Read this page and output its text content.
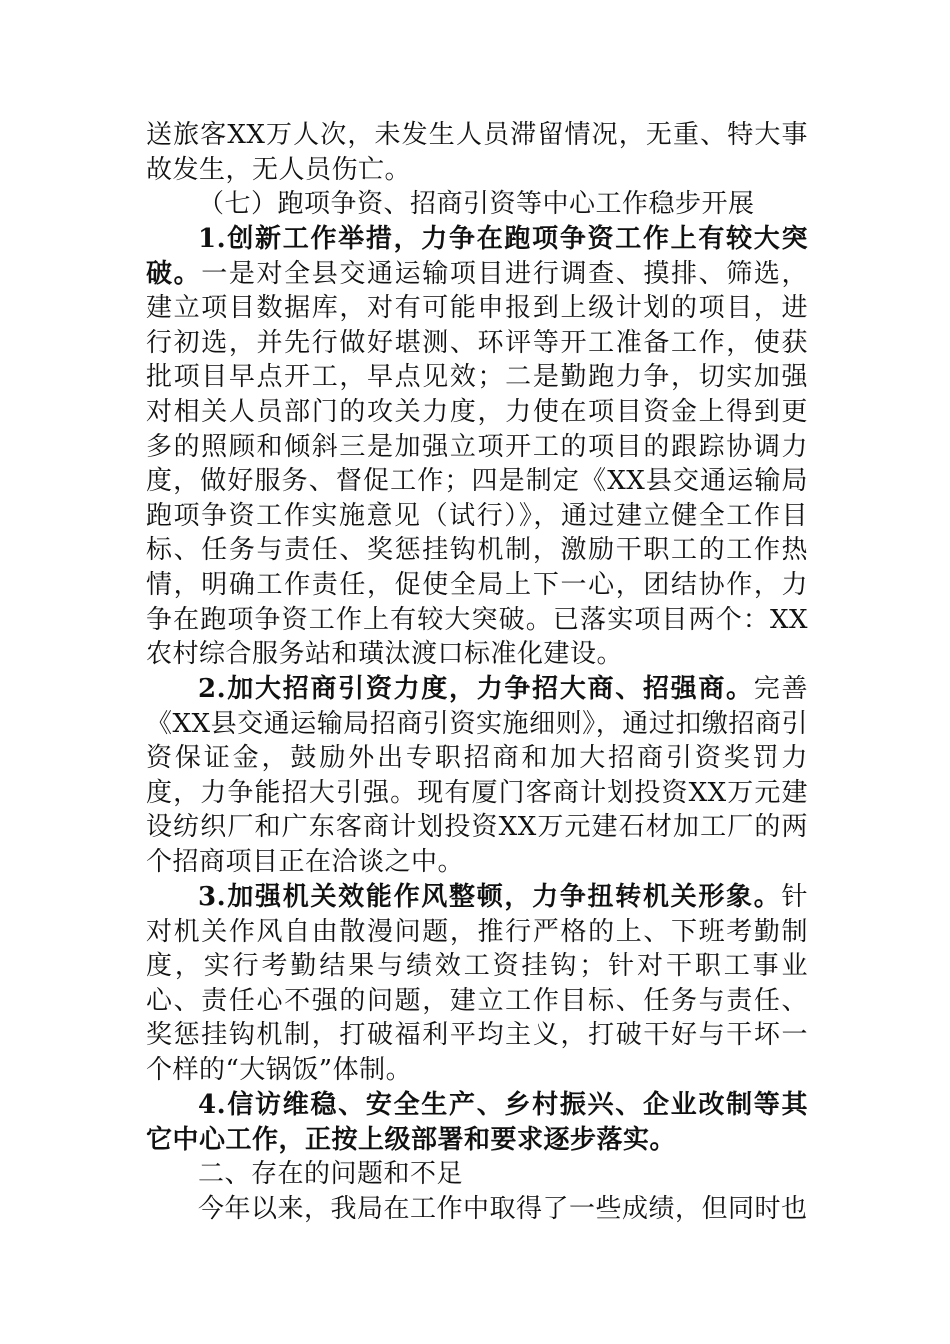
送旅客XX万人次，未发生人员滞留情况，无重、特大事故发生，无人员伤亡。

（七）跑项争资、招商引资等中心工作稳步开展

1.创新工作举措，力争在跑项争资工作上有较大突破。一是对全县交通运输项目进行调查、摸排、筛选，建立项目数据库，对有可能申报到上级计划的项目，进行初选，并先行做好堪测、环评等开工准备工作，使获批项目早点开工，早点见效；二是勤跑力争，切实加强对相关人员部门的攻关力度，力使在项目资金上得到更多的照顾和倾斜三是加强立项开工的项目的跟踪协调力度，做好服务、督促工作；四是制定《XX县交通运输局跑项争资工作实施意见（试行）》，通过建立健全工作目标、任务与责任、奖惩挂钩机制，激励干职工的工作热情，明确工作责任，促使全局上下一心，团结协作，力争在跑项争资工作上有较大突破。已落实项目两个：XX农村综合服务站和璜汰渡口标准化建设。

2.加大招商引资力度，力争招大商、招强商。完善《XX县交通运输局招商引资实施细则》，通过扣缴招商引资保证金，鼓励外出专职招商和加大招商引资奖罚力度，力争能招大引强。现有厦门客商计划投资XX万元建设纺织厂和广东客商计划投资XX万元建石材加工厂的两个招商项目正在洽谈之中。

3.加强机关效能作风整顿，力争扭转机关形象。针对机关作风自由散漫问题，推行严格的上、下班考勤制度，实行考勤结果与绩效工资挂钩；针对干职工事业心、责任心不强的问题，建立工作目标、任务与责任、奖惩挂钩机制，打破福利平均主义，打破干好与干坏一个样的“大锅饭”体制。

4.信访维稳、安全生产、乡村振兴、企业改制等其它中心工作，正按上级部署和要求逐步落实。

二、存在的问题和不足

今年以来，我局在工作中取得了一些成绩，但同时也
